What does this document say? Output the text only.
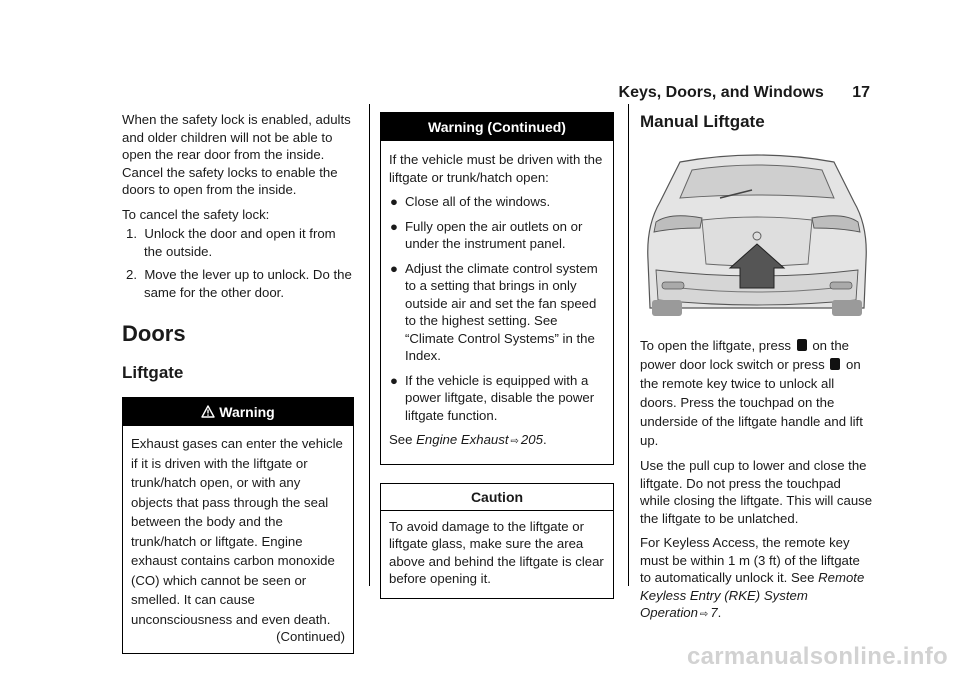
Keys, Doors, and Windows 17

When the safety lock is enabled, adults and older children will not be able to open the rear door from the inside. Cancel the safety locks to enable the doors to open from the inside.

To cancel the safety lock:

1.  Unlock the door and open it from the outside.
2.  Move the lever up to unlock. Do the same for the other door.
Doors
Liftgate
Warning
Exhaust gases can enter the vehicle if it is driven with the liftgate or trunk/hatch open, or with any objects that pass through the seal between the body and the trunk/hatch or liftgate. Engine exhaust contains carbon monoxide (CO) which cannot be seen or smelled. It can cause unconsciousness and even death.
(Continued)
Warning (Continued)

If the vehicle must be driven with the liftgate or trunk/hatch open:

● Close all of the windows.
● Fully open the air outlets on or under the instrument panel.
● Adjust the climate control system to a setting that brings in only outside air and set the fan speed to the highest setting. See “Climate Control Systems” in the Index.
● If the vehicle is equipped with a power liftgate, disable the power liftgate function.

See Engine Exhaust ⇨ 205.

Caution
To avoid damage to the liftgate or liftgate glass, make sure the area above and behind the liftgate is clear before opening it.
Manual Liftgate

To open the liftgate, press  on the power door lock switch or press  on the remote key twice to unlock all doors. Press the touchpad on the underside of the liftgate handle and lift up.

Use the pull cup to lower and close the liftgate. Do not press the touchpad while closing the liftgate. This will cause the liftgate to be unlatched.

For Keyless Access, the remote key must be within 1 m (3 ft) of the liftgate to automatically unlock it. See Remote Keyless Entry (RKE) System Operation ⇨ 7.

carmanualsonline.info
